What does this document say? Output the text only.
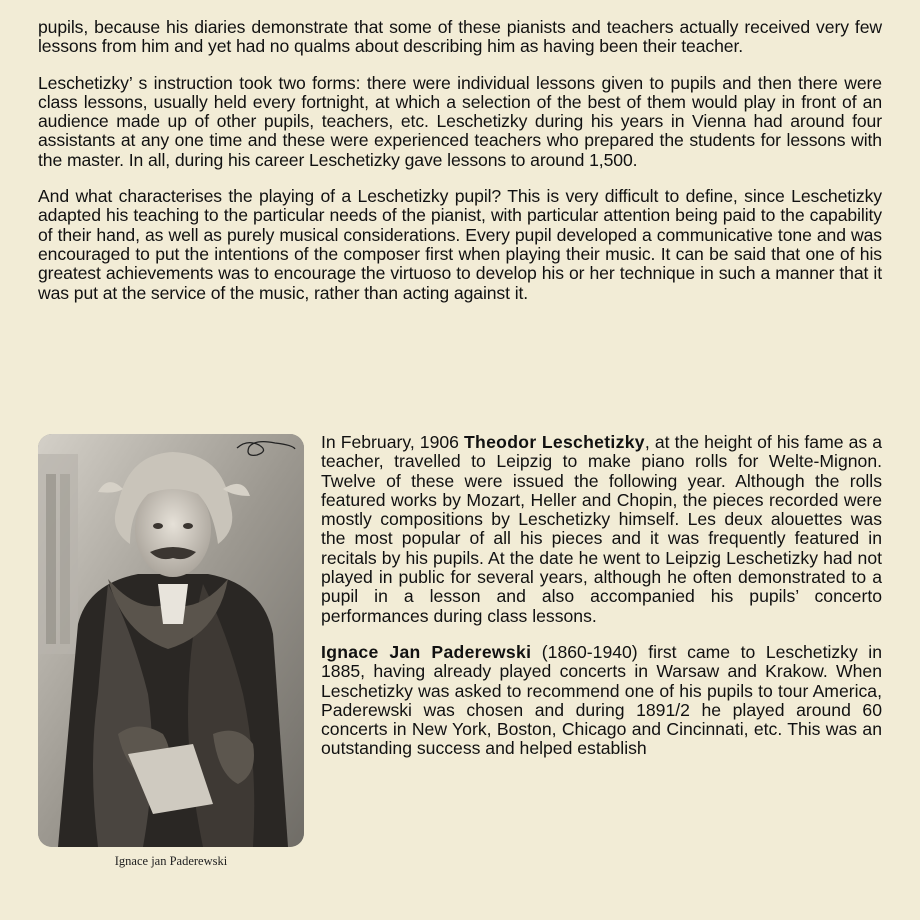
pupils, because his diaries demonstrate that some of these pianists and teachers actually received very few lessons from him and yet had no qualms about describing him as having been their teacher.

Leschetizky’ s instruction took two forms: there were individual lessons given to pupils and then there were class lessons, usually held every fortnight, at which a selection of the best of them would play in front of an audience made up of other pupils, teachers, etc. Leschetizky during his years in Vienna had around four assistants at any one time and these were experienced teachers who prepared the students for lessons with the master. In all, during his career Leschetizky gave lessons to around 1,500.

And what characterises the playing of a Leschetizky pupil? This is very difficult to define, since Leschetizky adapted his teaching to the particular needs of the pianist, with particular attention being paid to the capability of their hand, as well as purely musical considerations. Every pupil developed a communicative tone and was encouraged to put the intentions of the composer first when playing their music. It can be said that one of his greatest achievements was to encourage the virtuoso to develop his or her technique in such a manner that it was put at the service of the music, rather than acting against it.

Ignace jan Paderewski

In February, 1906 Theodor Leschetizky, at the height of his fame as a teacher, travelled to Leipzig to make piano rolls for Welte-Mignon. Twelve of these were issued the following year. Although the rolls featured works by Mozart, Heller and Chopin, the pieces recorded were mostly compositions by Leschetizky himself. Les deux alouettes was the most popular of all his pieces and it was frequently featured in recitals by his pupils. At the date he went to Leipzig Leschetizky had not played in public for several years, although he often demonstrated to a pupil in a lesson and also accompanied his pupils’ concerto performances during class lessons.

Ignace Jan Paderewski (1860-1940) first came to Leschetizky in 1885, having already played concerts in Warsaw and Krakow. When Leschetizky was asked to recommend one of his pupils to tour America, Paderewski was chosen and during 1891/2 he played around 60 concerts in New York, Boston, Chicago and Cincinnati, etc. This was an outstanding success and helped establish
